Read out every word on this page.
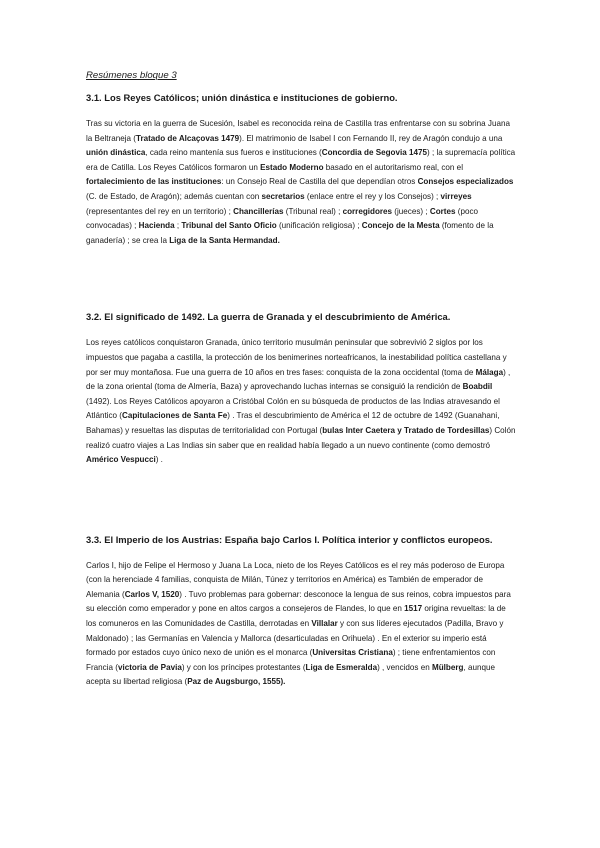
Resúmenes bloque 3

3.1. Los Reyes Católicos; unión dinástica e instituciones de gobierno.

Tras su victoria en la guerra de Sucesión, Isabel es reconocida reina de Castilla tras enfrentarse con su sobrina Juana la Beltraneja (Tratado de Alcaçovas 1479). El matrimonio de Isabel I con Fernando II, rey de Aragón condujo a una unión dinástica, cada reino mantenía sus fueros e instituciones (Concordia de Segovia 1475) ; la supremacía política era de Catilla. Los Reyes Católicos formaron un Estado Moderno basado en el autoritarismo real, con el fortalecimiento de las instituciones: un Consejo Real de Castilla del que dependían otros Consejos especializados (C. de Estado, de Aragón); además cuentan con secretarios (enlace entre el rey y los Consejos) ; virreyes (representantes del rey en un territorio) ; Chancillerías (Tribunal real) ; corregidores (jueces) ; Cortes (poco convocadas) ; Hacienda ; Tribunal del Santo Oficio (unificación religiosa) ; Concejo de la Mesta (fomento de la ganadería) ; se crea la Liga de la Santa Hermandad.

3.2. El significado de 1492. La guerra de Granada y el descubrimiento de América.

Los reyes católicos conquistaron Granada, único territorio musulmán peninsular que sobrevivió 2 siglos por los impuestos que pagaba a castilla, la protección de los benimerines norteafricanos, la inestabilidad política castellana y por ser muy montañosa. Fue una guerra de 10 años en tres fases: conquista de la zona occidental (toma de Málaga) , de la zona oriental (toma de Almería, Baza) y aprovechando luchas internas se consiguió la rendición de Boabdil (1492). Los Reyes Católicos apoyaron a Cristóbal Colón en su búsqueda de productos de las Indias atravesando el Atlántico (Capitulaciones de Santa Fe) . Tras el descubrimiento de América el 12 de octubre de 1492 (Guanahani, Bahamas) y resueltas las disputas de territorialidad con Portugal (bulas Inter Caetera y Tratado de Tordesillas) Colón realizó cuatro viajes a Las Indias sin saber que en realidad había llegado a un nuevo continente (como demostró Américo Vespucci) .

3.3. El Imperio de los Austrias: España bajo Carlos I. Política interior y conflictos europeos.

Carlos I, hijo de Felipe el Hermoso y Juana La Loca, nieto de los Reyes Católicos es el rey más poderoso de Europa (con la herenciade 4 familias, conquista de Milán, Túnez y territorios en América) es También de emperador de Alemania (Carlos V, 1520) . Tuvo problemas para gobernar: desconoce la lengua de sus reinos, cobra impuestos para su elección como emperador y pone en altos cargos a consejeros de Flandes, lo que en 1517 origina revueltas: la de los comuneros en las Comunidades de Castilla, derrotadas en Villalar y con sus líderes ejecutados (Padilla, Bravo y Maldonado) ; las Germanías en Valencia y Mallorca (desarticuladas en Orihuela) . En el exterior su imperio está formado por estados cuyo único nexo de unión es el monarca (Universitas Cristiana) ; tiene enfrentamientos con Francia (victoria de Pavia) y con los príncipes protestantes (Liga de Esmeralda) , vencidos en Mülberg, aunque acepta su libertad religiosa (Paz de Augsburgo, 1555).
